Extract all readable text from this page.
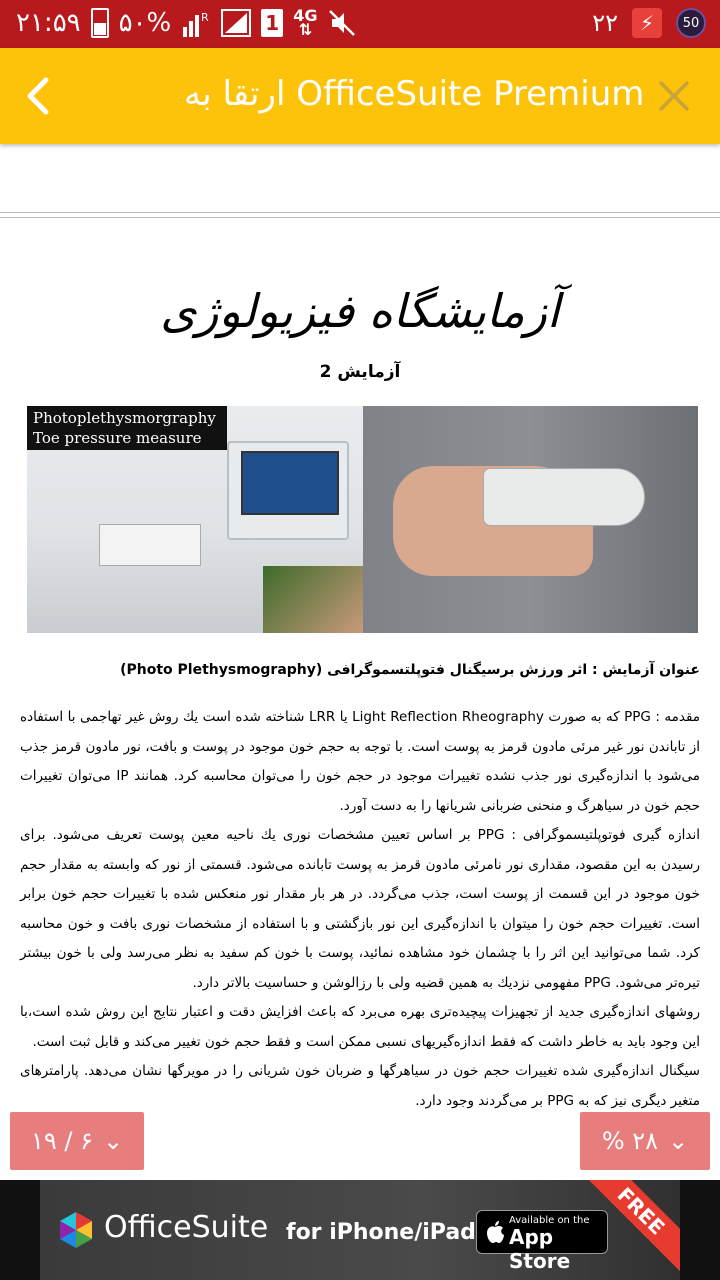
۲۱:۵۹ ۵۰%	R	1 4G
⇅	۲۲	⚡	50
ارتقا به OfficeSuite Premium
آزمایشگاه فیزیولوژی
آزمایش 2
Photoplethysmorgraphy
Toe pressure measure
عنوان آزمایش : اثر ورزش برسیگنال فتوپلتسموگرافی (Photo Plethysmography)
مقدمه : PPG که به صورت Light Reflection Rheography یا LRR شناخته شده است یك روش غیر تهاجمی با استفاده از تاباندن نور غیر مرئی مادون قرمز به پوست است. با توجه به حجم خون موجود در پوست و بافت، نور مادون قرمز جذب می‌شود با اندازه‌گیری نور جذب نشده تغییرات موجود در حجم خون را می‌توان محاسبه کرد. همانند IP می‌توان تغییرات حجم خون در سیاهرگ و منحنی ضربانی شریانها را به دست آورد.
اندازه گیری فوتوپلتیسموگرافی : PPG بر اساس تعیین مشخصات نوری یك ناحیه معین پوست تعریف می‌شود. برای رسیدن به این مقصود، مقداری نور نامرئی مادون قرمز به پوست تابانده می‌شود. قسمتی از نور که وابسته به مقدار حجم خون موجود در این قسمت از پوست است، جذب می‌گردد. در هر بار مقدار نور منعکس شده با تغییرات حجم خون برابر است. تغییرات حجم خون را میتوان با اندازه‌گیری این نور بازگشتی و با استفاده از مشخصات نوری بافت و خون محاسبه کرد. شما می‌توانید این اثر را با چشمان خود مشاهده نمائید، پوست با خون کم سفید به نظر می‌رسد ولی با خون بیشتر تیره‌تر می‌شود. PPG مفهومی نزدیك به همین قضیه ولی با رزالوشن و حساسیت بالاتر دارد.
روشهای اندازه‌گیری جدید از تجهیزات پیچیده‌تری بهره می‌برد که باعث افزایش دقت و اعتبار نتایج این روش شده است،با این وجود باید به خاطر داشت که فقط اندازه‌گیریهای نسبی ممکن است و فقط حجم خون تغییر می‌کند و قابل ثبت است.
سیگنال اندازه‌گیری شده تغییرات حجم خون در سیاهرگها و ضربان خون شریانی را در مویرگها نشان می‌دهد. پارامترهای متغیر دیگری نیز که به PPG بر می‌گردند وجود دارد.
۱۹ / ۶ ⌄	% ۲۸ ⌄
OfficeSuite for iPhone/iPad	Available on the
App Store
FREE
